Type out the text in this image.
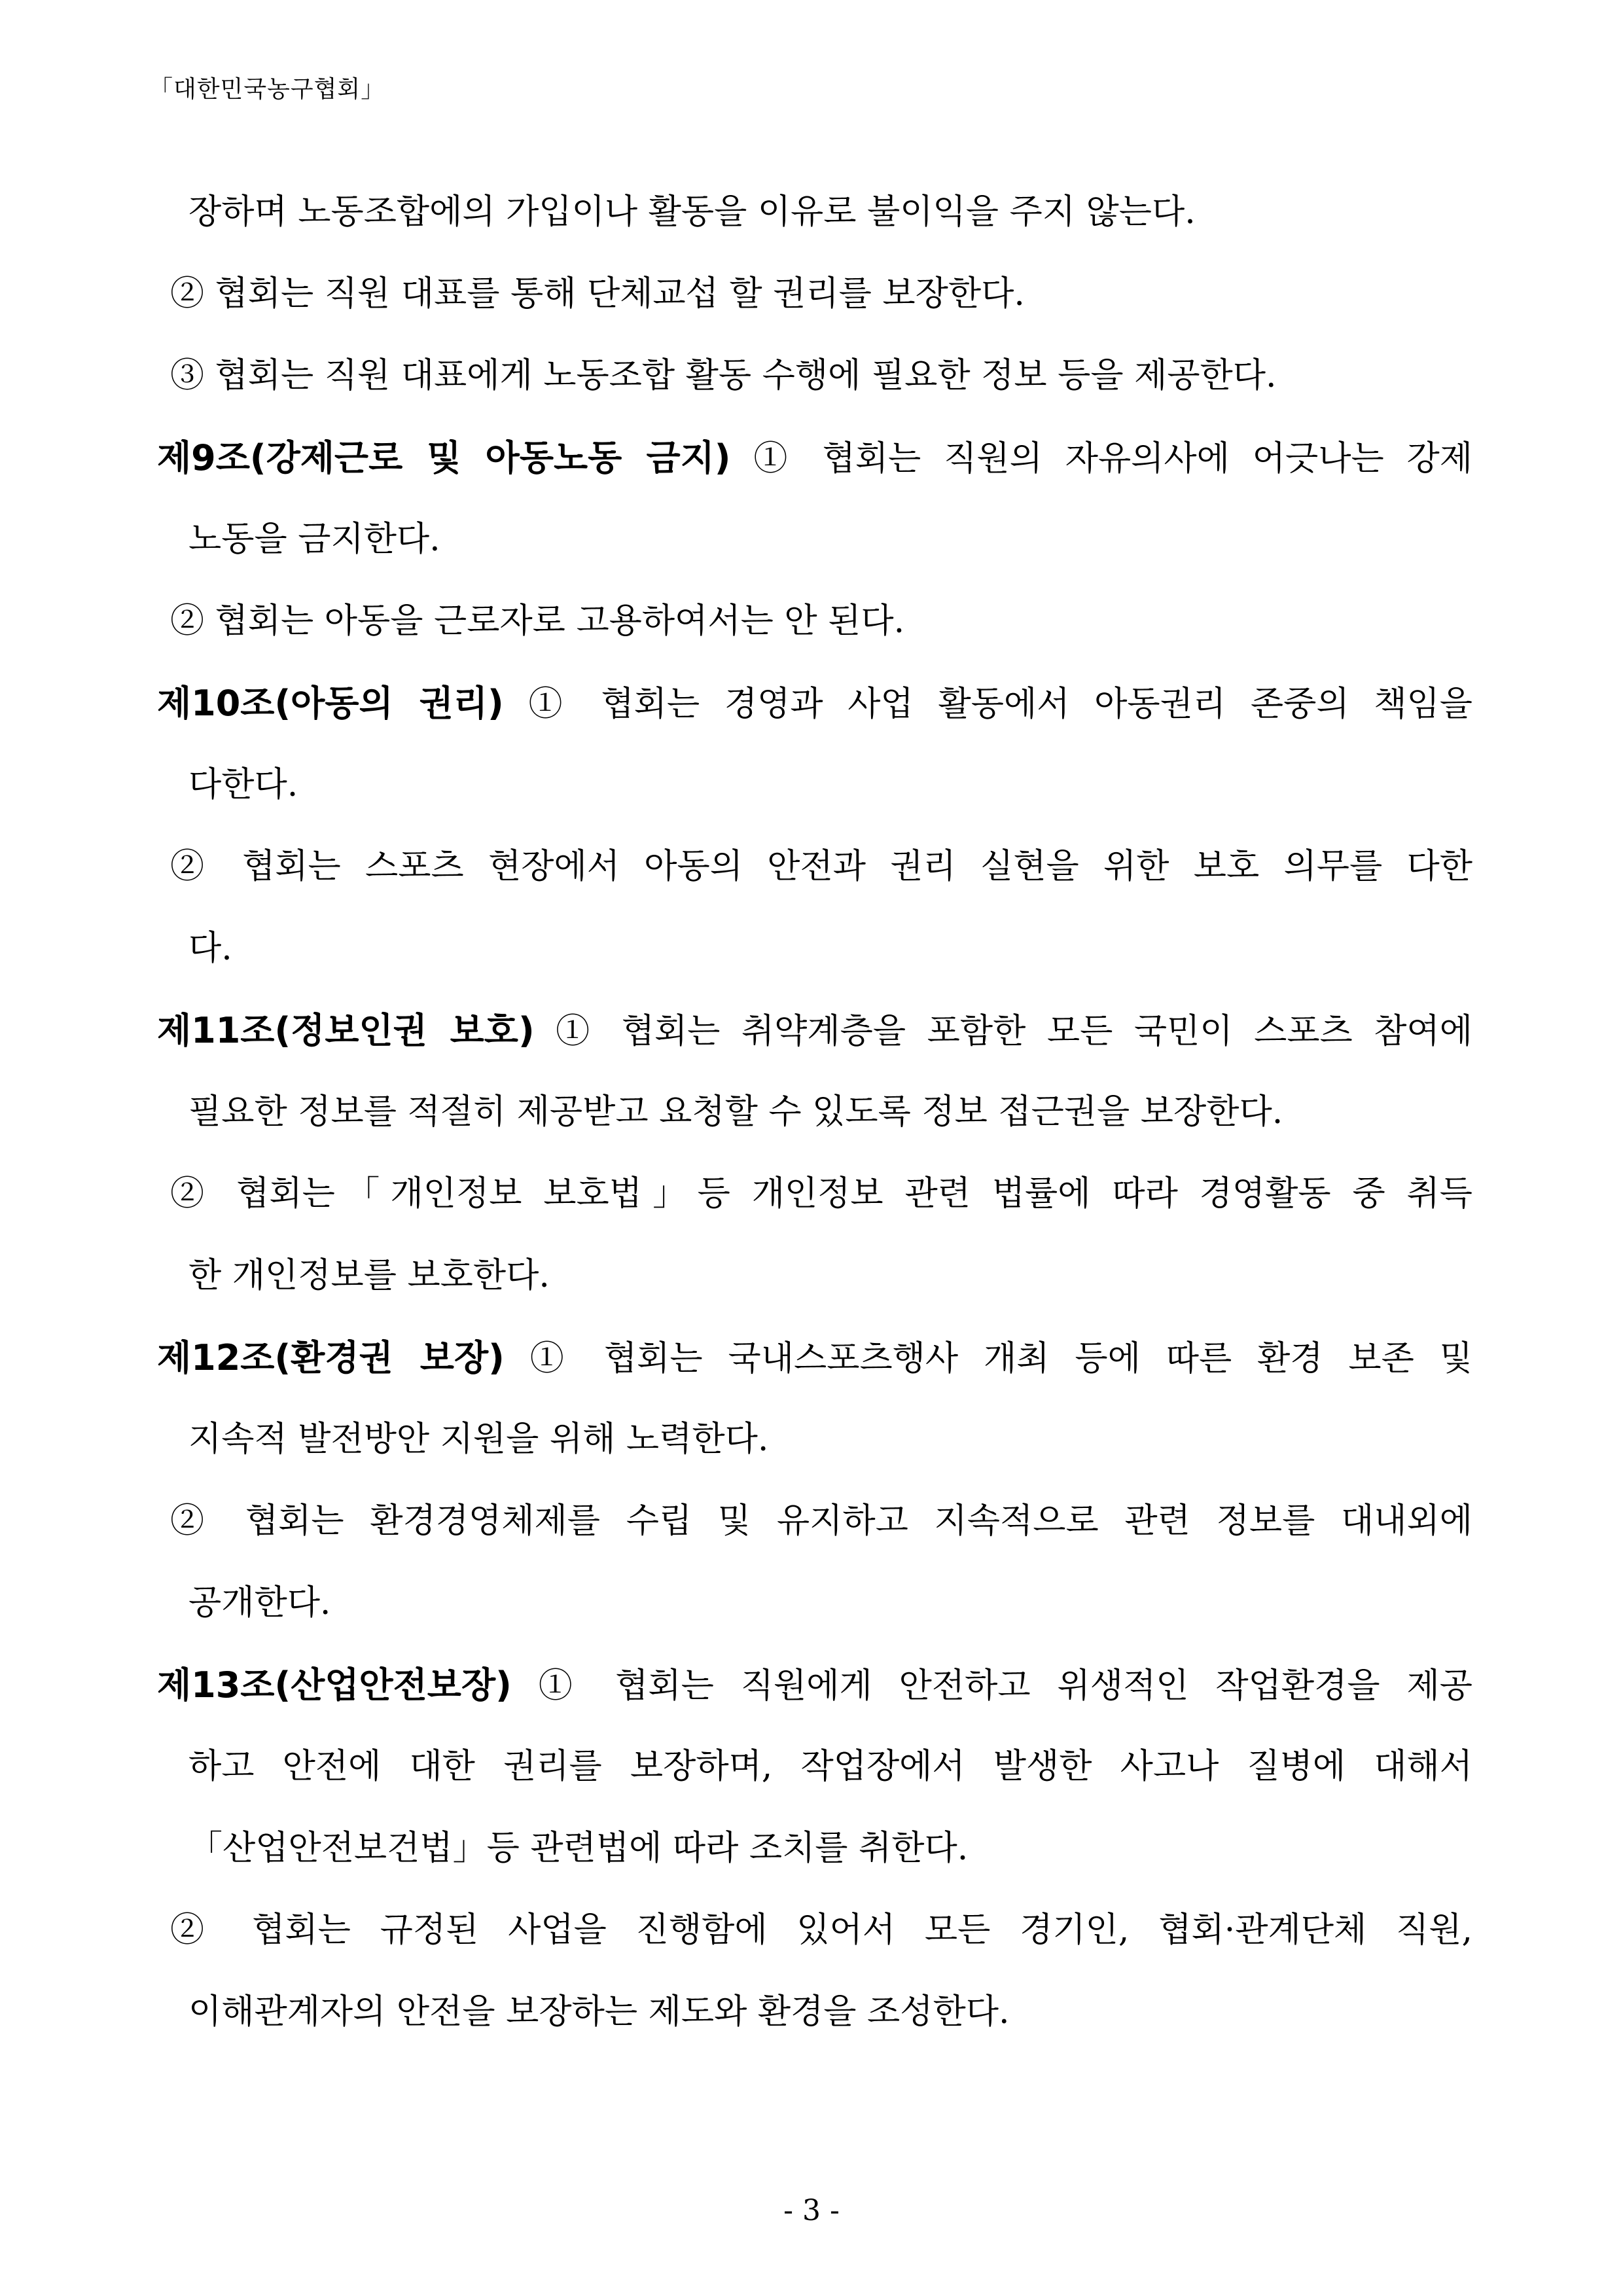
「대한민국농구협회」
장하며 노동조합에의 가입이나 활동을 이유로 불이익을 주지 않는다.
② 협회는 직원 대표를 통해 단체교섭 할 권리를 보장한다.
③ 협회는 직원 대표에게 노동조합 활동 수행에 필요한 정보 등을 제공한다.
제9조(강제근로 및 아동노동 금지) ① 협회는 직원의 자유의사에 어긋나는 강제
노동을 금지한다.
② 협회는 아동을 근로자로 고용하여서는 안 된다.
제10조(아동의 권리) ① 협회는 경영과 사업 활동에서 아동권리 존중의 책임을
다한다.
② 협회는 스포츠 현장에서 아동의 안전과 권리 실현을 위한 보호 의무를 다한
다.
제11조(정보인권 보호) ① 협회는 취약계층을 포함한 모든 국민이 스포츠 참여에
필요한 정보를 적절히 제공받고 요청할 수 있도록 정보 접근권을 보장한다.
② 협회는「개인정보 보호법」등 개인정보 관련 법률에 따라 경영활동 중 취득
한 개인정보를 보호한다.
제12조(환경권 보장) ① 협회는 국내스포츠행사 개최 등에 따른 환경 보존 및
지속적 발전방안 지원을 위해 노력한다.
② 협회는 환경경영체제를 수립 및 유지하고 지속적으로 관련 정보를 대내외에
공개한다.
제13조(산업안전보장) ① 협회는 직원에게 안전하고 위생적인 작업환경을 제공
하고 안전에 대한 권리를 보장하며, 작업장에서 발생한 사고나 질병에 대해서
「산업안전보건법」등 관련법에 따라 조치를 취한다.
② 협회는 규정된 사업을 진행함에 있어서 모든 경기인, 협회·관계단체 직원,
이해관계자의 안전을 보장하는 제도와 환경을 조성한다.
- 3 -
